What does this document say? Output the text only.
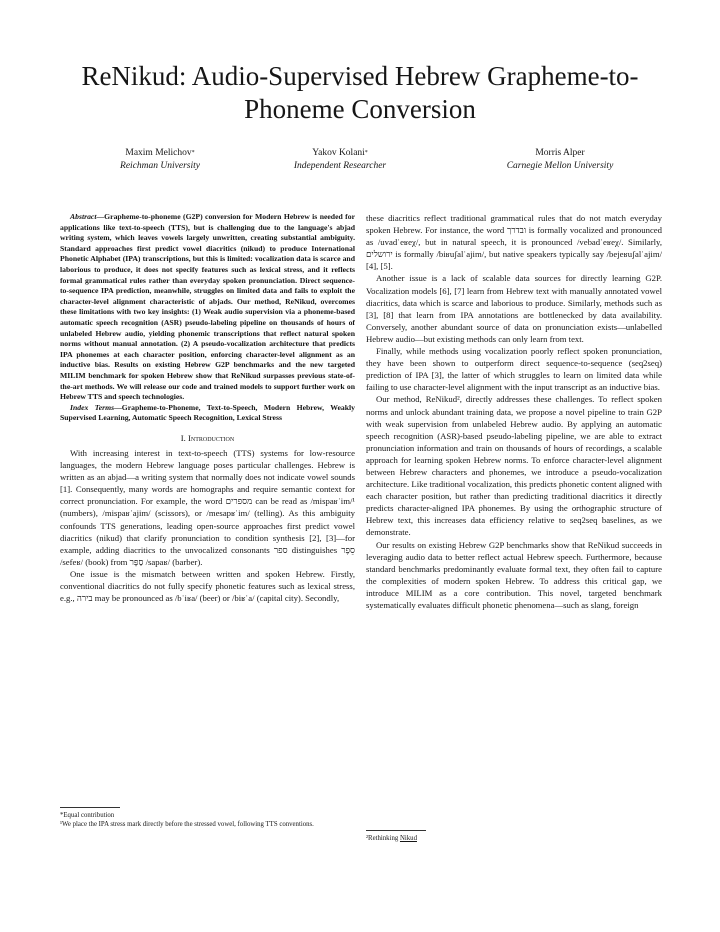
ReNikud: Audio-Supervised Hebrew Grapheme-to-Phoneme Conversion
Maxim Melichov*
Reichman University
Yakov Kolani*
Independent Researcher
Morris Alper
Carnegie Mellon University

Abstract—Grapheme-to-phoneme (G2P) conversion for Modern Hebrew is needed for applications like text-to-speech (TTS), but is challenging due to the language's abjad writing system, which leaves vowels largely unwritten, creating substantial ambiguity. Standard approaches first predict vowel diacritics (nikud) to produce International Phonetic Alphabet (IPA) transcriptions, but this is limited: vocalization data is scarce and laborious to produce, it does not specify features such as lexical stress, and it reflects formal grammatical rules rather than everyday spoken pronunciation. Direct sequence-to-sequence IPA prediction, meanwhile, struggles on limited data and fails to exploit the character-level alignment characteristic of abjads. Our method, ReNikud, overcomes these limitations with two key insights: (1) Weak audio supervision via a phoneme-based automatic speech recognition (ASR) pseudo-labeling pipeline on thousands of hours of unlabeled Hebrew audio, yielding phonemic transcriptions that reflect natural spoken norms without manual annotation. (2) A pseudo-vocalization architecture that predicts IPA phonemes at each character position, enforcing character-level alignment as an inductive bias. Results on existing Hebrew G2P benchmarks and the new targeted MILIM benchmark for spoken Hebrew show that ReNikud surpasses previous state-of-the-art methods. We will release our code and trained models to support further work on Hebrew TTS and speech technologies.

Index Terms—Grapheme-to-Phoneme, Text-to-Speech, Modern Hebrew, Weakly Supervised Learning, Automatic Speech Recognition, Lexical Stress

I. Introduction

With increasing interest in text-to-speech (TTS) systems for low-resource languages, the modern Hebrew language poses particular challenges. Hebrew is written as an abjad—a writing system that normally does not indicate vowel sounds [1]. Consequently, many words are homographs and require semantic context for correct pronunciation. For example, the word מספרים can be read as /mispaʁˈim/¹ (numbers), /mispaʁˈajim/ (scissors), or /mesapʁˈim/ (telling). As this ambiguity confounds TTS generations, leading open-source approaches first predict vowel diacritics (nikud) that clarify pronunciation to condition synthesis [2], [3]—for example, adding diacritics to the unvocalized consonants ספר distinguishes סֵפֶר /sefeʁ/ (book) from סַפָּר /sapaʁ/ (barber).

One issue is the mismatch between written and spoken Hebrew. Firstly, conventional diacritics do not fully specify phonetic features such as lexical stress, e.g., בירה may be pronounced as /bˈiʁa/ (beer) or /biʁˈa/ (capital city). Secondly,

these diacritics reflect traditional grammatical rules that do not match everyday spoken Hebrew. For instance, the word ובדרך is formally vocalized and pronounced as /uvadˈeʁeχ/, but in natural speech, it is pronounced /vebadˈeʁeχ/. Similarly, ירושלים is formally /biʁuʃalˈajim/, but native speakers typically say /bejeʁuʃalˈajim/ [4], [5].

Another issue is a lack of scalable data sources for directly learning G2P. Vocalization models [6], [7] learn from Hebrew text with manually annotated vowel diacritics, data which is scarce and laborious to produce. Similarly, methods such as [3], [8] that learn from IPA annotations are bottlenecked by data availability. Conversely, another abundant source of data on pronunciation exists—unlabelled Hebrew audio—but existing methods can only learn from text.

Finally, while methods using vocalization poorly reflect spoken pronunciation, they have been shown to outperform direct sequence-to-sequence (seq2seq) prediction of IPA [3], the latter of which struggles to learn on limited data while failing to use character-level alignment with the input transcript as an inductive bias.

Our method, ReNikud², directly addresses these challenges. To reflect spoken norms and unlock abundant training data, we propose a novel pipeline to train G2P with weak supervision from unlabeled Hebrew audio. By applying an automatic speech recognition (ASR)-based pseudo-labeling pipeline, we are able to extract pronunciation information and train on thousands of hours of recordings, a scalable approach for learning spoken Hebrew norms. To enforce character-level alignment between Hebrew characters and phonemes, we introduce a pseudo-vocalization architecture. Like traditional vocalization, this predicts phonetic content aligned with each character position, but rather than predicting traditional diacritics it directly predicts character-aligned IPA phonemes. By using the orthographic structure of Hebrew text, this increases data efficiency relative to seq2seq baselines, as we demonstrate.

Our results on existing Hebrew G2P benchmarks show that ReNikud succeeds in leveraging audio data to better reflect actual Hebrew speech. Furthermore, because standard benchmarks predominantly evaluate formal text, they often fail to capture the complexities of modern spoken Hebrew. To address this critical gap, we introduce MILIM as a core contribution. This novel, targeted benchmark systematically evaluates difficult phonetic phenomena—such as slang, foreign

*Equal contribution
¹We place the IPA stress mark directly before the stressed vowel, following TTS conventions.
²Rethinking Nikud
